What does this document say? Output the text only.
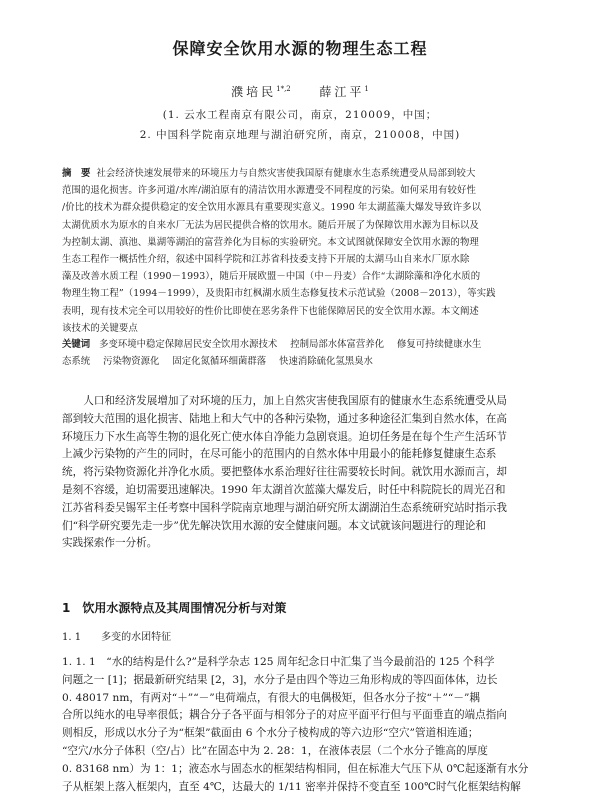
保障安全饮用水源的物理生态工程
濮培民$^{1*,2}$ 　 薛江平$^1$
(1. 云水工程南京有限公司，南京，210009，中国；
2. 中国科学院南京地理与湖泊研究所，南京，210008，中国)
摘　要 社会经济快速发展带来的环境压力与自然灾害使我国原有健康水生态系统遭受从局部到较大
范围的退化损害。许多河道/水库/湖泊原有的清洁饮用水源遭受不同程度的污染。如何采用有较好性
/价比的技术为群众提供稳定的安全饮用水源具有重要现实意义。1990 年太湖蓝藻大爆发导致许多以
太湖优质水为原水的自来水厂无法为居民提供合格的饮用水。随后开展了为保障饮用水源为目标以及
为控制太湖、滇池、巢湖等湖泊的富营养化为目标的实验研究。本文试图就保障安全饮用水源的物理
生态工程作一概括性介绍，叙述中国科学院和江苏省科技委支持下开展的太湖马山自来水厂原水除
藻及改善水质工程（1990－1993），随后开展欧盟－中国（中－丹麦）合作“太湖除藻和净化水质的
物理生物工程”（1994－1999），及贵阳市红枫湖水质生态修复技术示范试验（2008－2013），等实践
表明，现有技术完全可以用较好的性价比即使在恶劣条件下也能保障居民的安全饮用水源。本文阐述
该技术的关键要点
关键词 多变环境中稳定保障居民安全饮用水源技术 控制局部水体富营养化 修复可持续健康水生
态系统 污染物资源化 固定化氮循环细菌群落 快速消除硫化氢黑臭水
人口和经济发展增加了对环境的压力，加上自然灾害使我国原有的健康水生态系统遭受从局
部到较大范围的退化损害、陆地上和大气中的各种污染物，通过多种途径汇集到自然水体，在高
环境压力下水生高等生物的退化死亡使水体自净能力急剧衰退。迫切任务是在每个生产生活环节
上减少污染物的产生的同时，在尽可能小的范围内的自然水体中用最小的能耗修复健康生态系
统，将污染物资源化并净化水质。要把整体水系治理好往往需要较长时间。就饮用水源而言，却
是刻不容缓，迫切需要迅速解决。1990 年太湖首次蓝藻大爆发后，时任中科院院长的周光召和
江苏省科委吴锡军主任考察中国科学院南京地理与湖泊研究所太湖湖泊生态系统研究站时指示我
们“科学研究要先走一步”优先解决饮用水源的安全健康问题。本文试就该问题进行的理论和
实践探索作一分析。
1 饮用水源特点及其周围情况分析与对策
1. 1 多变的水团特征
1. 1. 1　“水的结构是什么?”是科学杂志 125 周年纪念日中汇集了当今最前沿的 125 个科学
问题之一 [1]；据最新研究结果 [2，3]，水分子是由四个等边三角形构成的等四面体体，边长
0. 48017 nm，有两对“＋”“－”电荷端点，有很大的电偶极矩，但各水分子按“＋”“－”耦
合所以纯水的电导率很低；耦合分子各平面与相邻分子的对应平面平行但与平面垂直的端点指向
则相反，形成以水分子为“框架”截面由 6 个水分子棱构成的等六边形“空穴”管道相连通；
“空穴/水分子体积（空/占）比”在固态中为 2. 28：1，在液体表层（二个水分子锥高的厚度
0. 83168 nm）为 1：1；液态水与固态水的框架结构相同，但在标准大气压下从 0℃起逐渐有水分
子从框架上落入框架内，直至 4℃，达最大的 1/11 密率并保持不变直至 100℃时气化框架结构解
